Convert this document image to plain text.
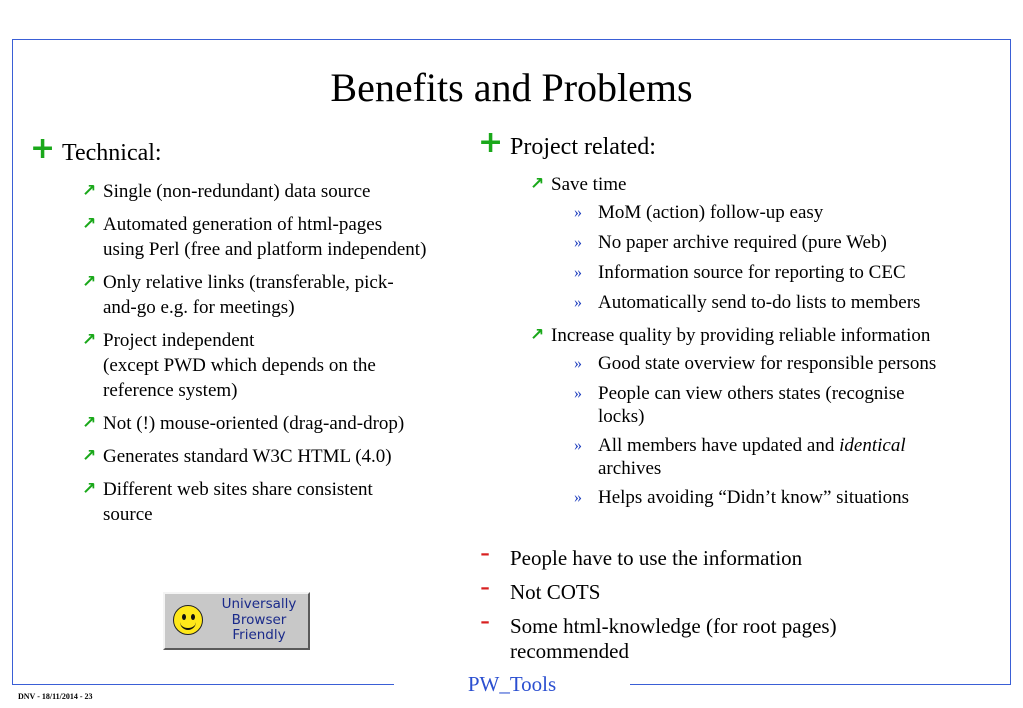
Benefits and Problems
+ Technical:
↗ Single (non-redundant) data source
↗ Automated generation of html-pages
using Perl (free and platform independent)
↗ Only relative links (transferable, pick-
and-go e.g. for meetings)
↗ Project independent
(except PWD which depends on the
reference system)
↗ Not (!) mouse-oriented (drag-and-drop)
↗ Generates standard W3C HTML (4.0)
↗ Different web sites share consistent
source
Universally
Browser
Friendly
+ Project related:
↗ Save time
» MoM (action) follow-up easy
» No paper archive required (pure Web)
» Information source for reporting to CEC
» Automatically send to-do lists to members
↗ Increase quality by providing reliable information
» Good state overview for responsible persons
» People can view others states (recognise
locks)
» All members have updated and identical
archives
» Helps avoiding “Didn’t know” situations
- People have to use the information
- Not COTS
- Some html-knowledge (for root pages)
recommended
PW_Tools
DNV - 18/11/2014 - 23
